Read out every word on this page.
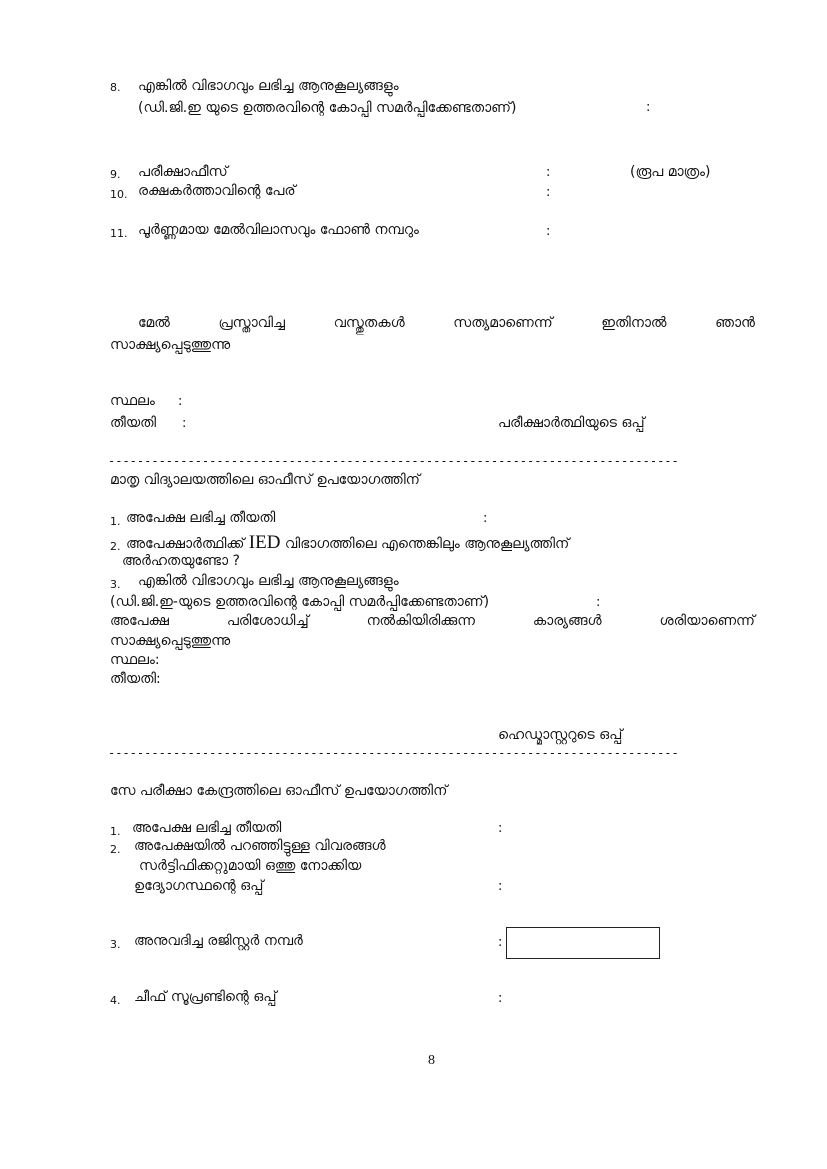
8. എങ്കിൽ വിഭാഗവും ലഭിച്ച ആനുകൂല്യങ്ങളും
(ഡി.ജി.ഇ യുടെ ഉത്തരവിന്റെ കോപ്പി സമർപ്പിക്കേണ്ടതാണ്)	:
9. പരീക്ഷാഫീസ്	:	(രൂപ മാത്രം)
10. രക്ഷകർത്താവിന്റെ പേര്	:
11. പൂർണ്ണമായ മേൽവിലാസവും ഫോൺ നമ്പറും	:
മേൽ	പ്രസ്താവിച്ച	വസ്തുതകൾ	സത്യമാണെന്ന്	ഇതിനാൽ	ഞാൻ
സാക്ഷ്യപ്പെടുത്തുന്നു
സ്ഥലം :
തീയതി :	പരീക്ഷാർത്ഥിയുടെ ഒപ്പ്
-------------------------------------------------------------------------------
മാതൃ വിദ്യാലയത്തിലെ ഓഫീസ് ഉപയോഗത്തിന്
1. അപേക്ഷ ലഭിച്ച തീയതി	:
2. അപേക്ഷാർത്ഥിക്ക് IED വിഭാഗത്തിലെ എന്തെങ്കിലും ആനുകൂല്യത്തിന്
അർഹതയുണ്ടോ ?
3. എങ്കിൽ വിഭാഗവും ലഭിച്ച ആനുകൂല്യങ്ങളും
(ഡി.ജി.ഇ-യുടെ ഉത്തരവിന്റെ കോപ്പി സമർപ്പിക്കേണ്ടതാണ്)	:
അപേക്ഷ	പരിശോധിച്ച്	നൽകിയിരിക്കുന്ന	കാര്യങ്ങൾ	ശരിയാണെന്ന്
സാക്ഷ്യപ്പെടുത്തുന്നു
സ്ഥലം:
തീയതി:
ഹെഡ്മാസ്റ്ററുടെ ഒപ്പ്
-------------------------------------------------------------------------------
സേ പരീക്ഷാ കേന്ദ്രത്തിലെ ഓഫീസ് ഉപയോഗത്തിന്
1. അപേക്ഷ ലഭിച്ച തീയതി	:
2. അപേക്ഷയിൽ പറഞ്ഞിട്ടുള്ള വിവരങ്ങൾ
സർട്ടിഫിക്കറ്റുമായി ഒത്തു നോക്കിയ
ഉദ്യോഗസ്ഥന്റെ ഒപ്പ്	:
3. അനുവദിച്ച രജിസ്റ്റർ നമ്പർ	:
4. ചീഫ് സൂപ്രണ്ടിന്റെ ഒപ്പ്	:
8
